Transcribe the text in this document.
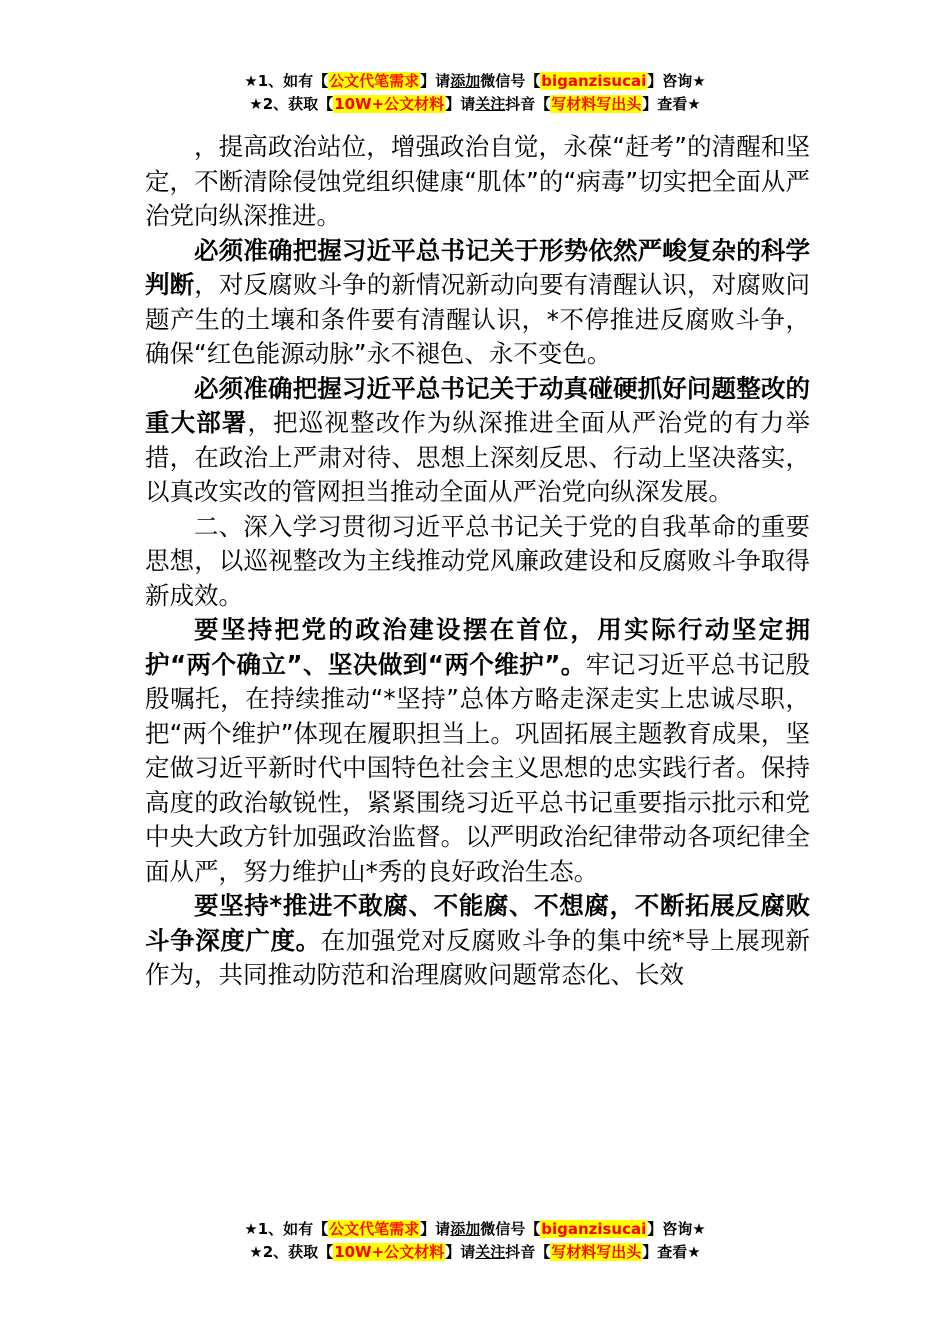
★1、如有【公文代笔需求】请添加微信号【biganzisucai】咨询★
★2、获取【10W+公文材料】请关注抖音【写材料写出头】查看★

，提高政治站位，增强政治自觉，永葆“赶考”的清醒和坚定，不断清除侵蚀党组织健康“肌体”的“病毒”切实把全面从严治党向纵深推进。

必须准确把握习近平总书记关于形势依然严峻复杂的科学判断，对反腐败斗争的新情况新动向要有清醒认识，对腐败问题产生的土壤和条件要有清醒认识，*不停推进反腐败斗争，确保“红色能源动脉”永不褪色、永不变色。

必须准确把握习近平总书记关于动真碰硬抓好问题整改的重大部署，把巡视整改作为纵深推进全面从严治党的有力举措，在政治上严肃对待、思想上深刻反思、行动上坚决落实，以真改实改的管网担当推动全面从严治党向纵深发展。

二、深入学习贯彻习近平总书记关于党的自我革命的重要思想，以巡视整改为主线推动党风廉政建设和反腐败斗争取得新成效。

要坚持把党的政治建设摆在首位，用实际行动坚定拥护“两个确立”、坚决做到“两个维护”。牢记习近平总书记殷殷嘱托，在持续推动“*坚持”总体方略走深走实上忠诚尽职，把“两个维护”体现在履职担当上。巩固拓展主题教育成果，坚定做习近平新时代中国特色社会主义思想的忠实践行者。保持高度的政治敏锐性，紧紧围绕习近平总书记重要指示批示和党中央大政方针加强政治监督。以严明政治纪律带动各项纪律全面从严，努力维护山*秀的良好政治生态。

要坚持*推进不敢腐、不能腐、不想腐，不断拓展反腐败斗争深度广度。在加强党对反腐败斗争的集中统*导上展现新作为，共同推动防范和治理腐败问题常态化、长效

★1、如有【公文代笔需求】请添加微信号【biganzisucai】咨询★
★2、获取【10W+公文材料】请关注抖音【写材料写出头】查看★
